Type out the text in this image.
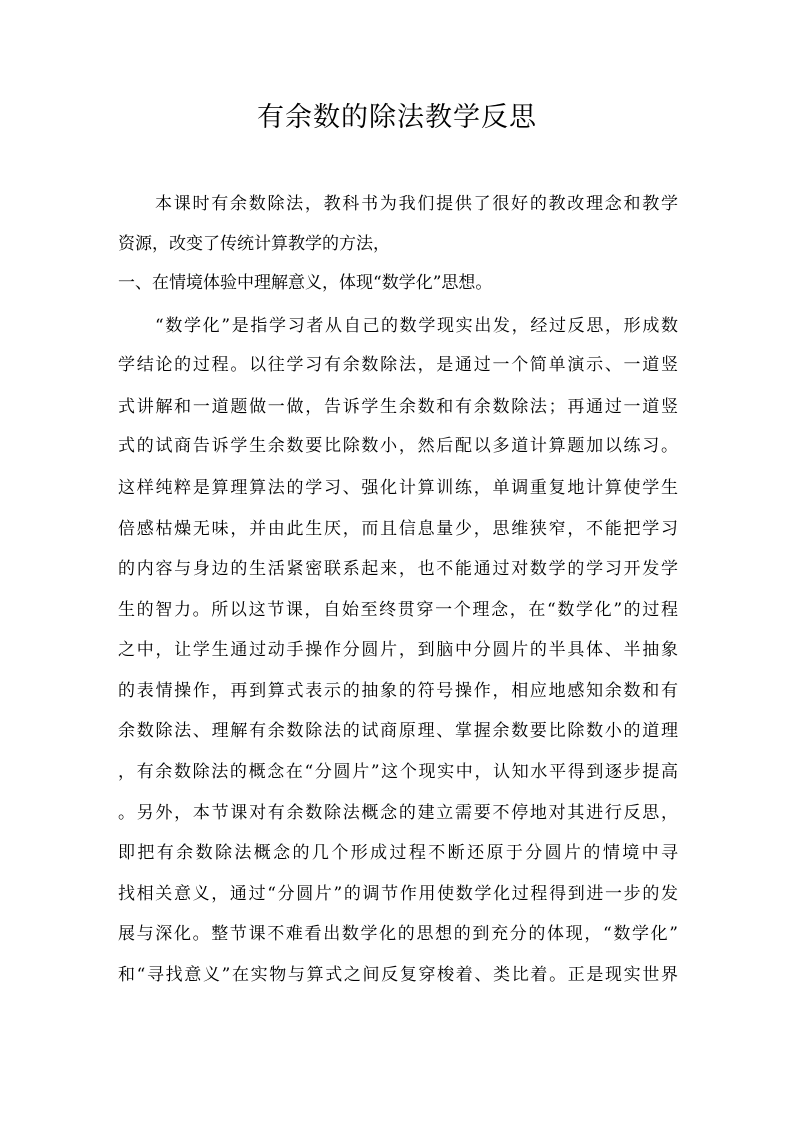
有余数的除法教学反思
本课时有余数除法，教科书为我们提供了很好的教改理念和教学
资源，改变了传统计算教学的方法，
一、在情境体验中理解意义，体现“数学化”思想。
“数学化”是指学习者从自己的数学现实出发，经过反思，形成数
学结论的过程。以往学习有余数除法，是通过一个简单演示、一道竖
式讲解和一道题做一做，告诉学生余数和有余数除法；再通过一道竖
式的试商告诉学生余数要比除数小，然后配以多道计算题加以练习。
这样纯粹是算理算法的学习、强化计算训练，单调重复地计算使学生
倍感枯燥无味，并由此生厌，而且信息量少，思维狭窄，不能把学习
的内容与身边的生活紧密联系起来，也不能通过对数学的学习开发学
生的智力。所以这节课，自始至终贯穿一个理念，在“数学化”的过程
之中，让学生通过动手操作分圆片，到脑中分圆片的半具体、半抽象
的表情操作，再到算式表示的抽象的符号操作，相应地感知余数和有
余数除法、理解有余数除法的试商原理、掌握余数要比除数小的道理
，有余数除法的概念在“分圆片”这个现实中，认知水平得到逐步提高
。另外，本节课对有余数除法概念的建立需要不停地对其进行反思，
即把有余数除法概念的几个形成过程不断还原于分圆片的情境中寻
找相关意义，通过“分圆片”的调节作用使数学化过程得到进一步的发
展与深化。整节课不难看出数学化的思想的到充分的体现，“数学化”
和“寻找意义”在实物与算式之间反复穿梭着、类比着。正是现实世界
